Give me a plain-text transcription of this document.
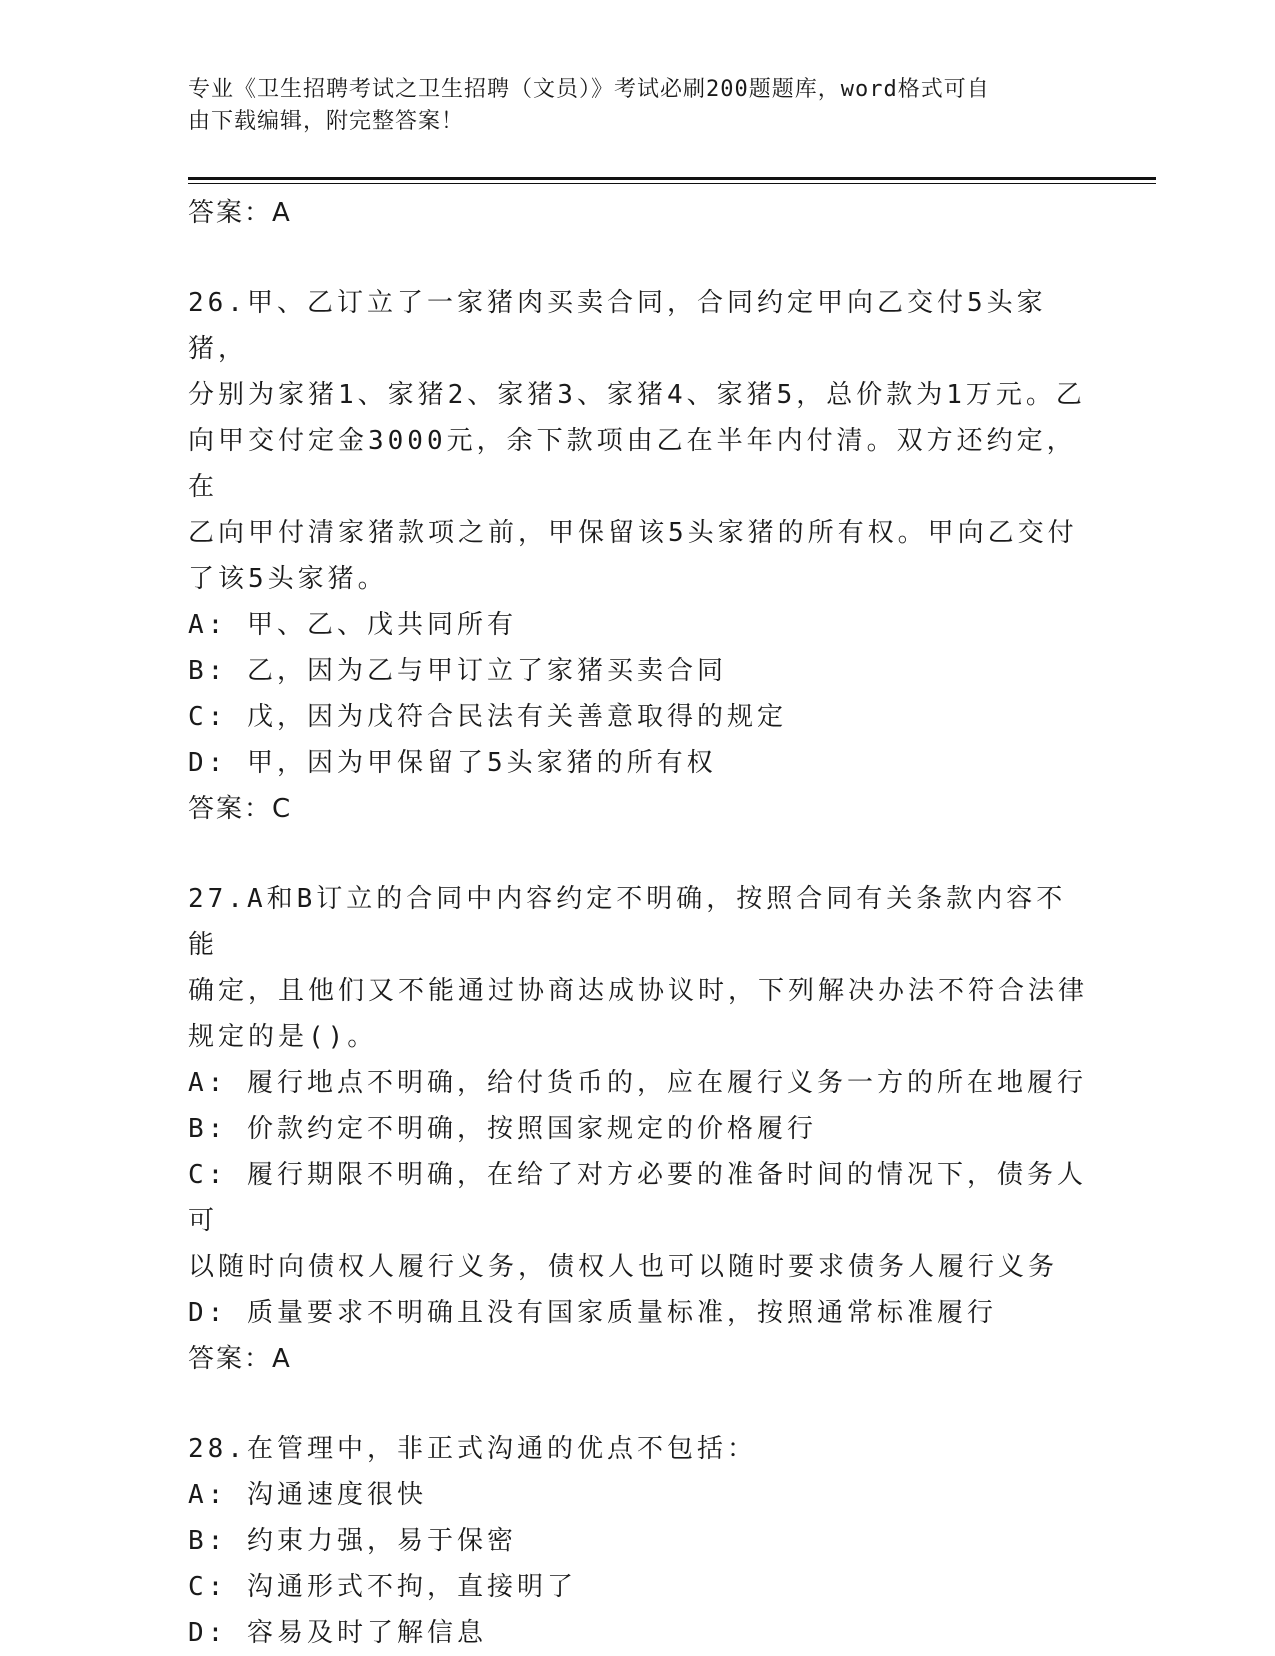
专业《卫生招聘考试之卫生招聘（文员）》考试必刷200题题库，word格式可自
由下载编辑，附完整答案！
答案：A
26.甲、乙订立了一家猪肉买卖合同，合同约定甲向乙交付5头家猪，
分别为家猪1、家猪2、家猪3、家猪4、家猪5，总价款为1万元。乙
向甲交付定金3000元，余下款项由乙在半年内付清。双方还约定，在
乙向甲付清家猪款项之前，甲保留该5头家猪的所有权。甲向乙交付
了该5头家猪。
A: 甲、乙、戊共同所有
B: 乙，因为乙与甲订立了家猪买卖合同
C: 戊，因为戊符合民法有关善意取得的规定
D: 甲，因为甲保留了5头家猪的所有权
答案：C
27.A和B订立的合同中内容约定不明确，按照合同有关条款内容不能
确定，且他们又不能通过协商达成协议时，下列解决办法不符合法律
规定的是()。
A: 履行地点不明确，给付货币的，应在履行义务一方的所在地履行
B: 价款约定不明确，按照国家规定的价格履行
C: 履行期限不明确，在给了对方必要的准备时间的情况下，债务人可
以随时向债权人履行义务，债权人也可以随时要求债务人履行义务
D: 质量要求不明确且没有国家质量标准，按照通常标准履行
答案：A
28.在管理中，非正式沟通的优点不包括：
A: 沟通速度很快
B: 约束力强，易于保密
C: 沟通形式不拘，直接明了
D: 容易及时了解信息
